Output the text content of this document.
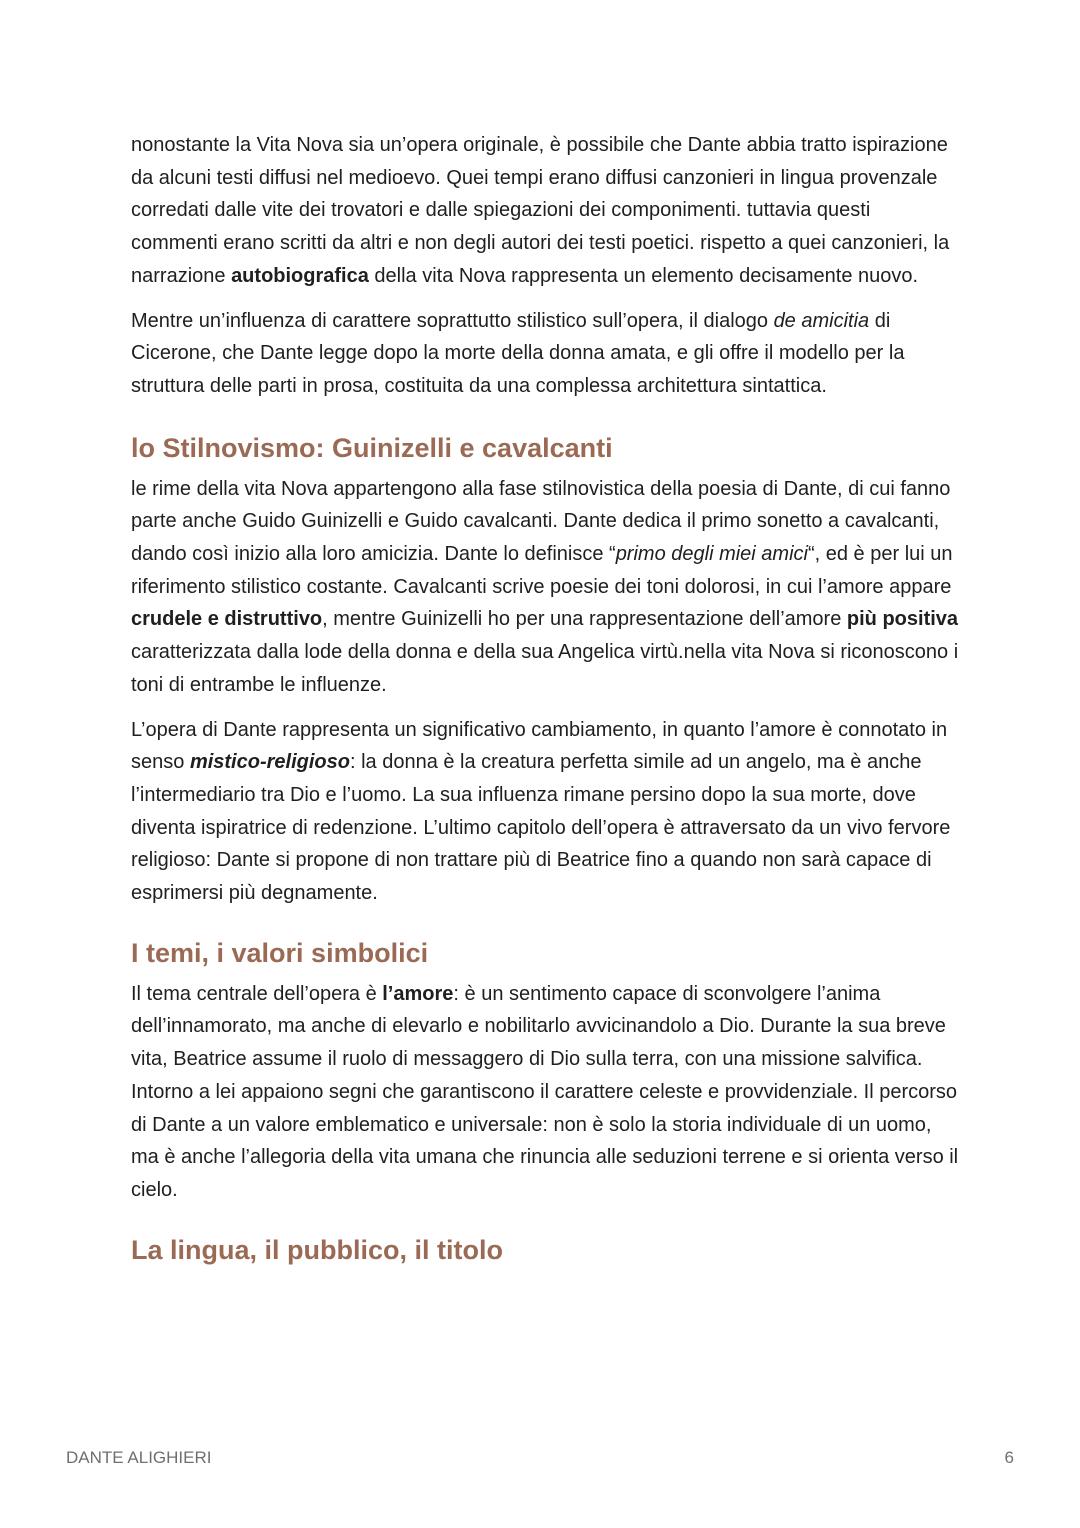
nonostante la Vita Nova sia un’opera originale, è possibile che Dante abbia tratto ispirazione da alcuni testi diffusi nel medioevo. Quei tempi erano diffusi canzonieri in lingua provenzale corredati dalle vite dei trovatori e dalle spiegazioni dei componimenti. tuttavia questi commenti erano scritti da altri e non degli autori dei testi poetici. rispetto a quei canzonieri, la narrazione autobiografica della vita Nova rappresenta un elemento decisamente nuovo.

Mentre un’influenza di carattere soprattutto stilistico sull’opera, il dialogo de amicitia di Cicerone, che Dante legge dopo la morte della donna amata, e gli offre il modello per la struttura delle parti in prosa, costituita da una complessa architettura sintattica.

lo Stilnovismo: Guinizelli e cavalcanti

le rime della vita Nova appartengono alla fase stilnovistica della poesia di Dante, di cui fanno parte anche Guido Guinizelli e Guido cavalcanti. Dante dedica il primo sonetto a cavalcanti, dando così inizio alla loro amicizia. Dante lo definisce “primo degli miei amici“, ed è per lui un riferimento stilistico costante. Cavalcanti scrive poesie dei toni dolorosi, in cui l’amore appare crudele e distruttivo, mentre Guinizelli ho per una rappresentazione dell’amore più positiva caratterizzata dalla lode della donna e della sua Angelica virtù.nella vita Nova si riconoscono i toni di entrambe le influenze.

L’opera di Dante rappresenta un significativo cambiamento, in quanto l’amore è connotato in senso mistico-religioso: la donna è la creatura perfetta simile ad un angelo, ma è anche l’intermediario tra Dio e l’uomo. La sua influenza rimane persino dopo la sua morte, dove diventa ispiratrice di redenzione. L’ultimo capitolo dell’opera è attraversato da un vivo fervore religioso: Dante si propone di non trattare più di Beatrice fino a quando non sarà capace di esprimersi più degnamente.

I temi, i valori simbolici

Il tema centrale dell’opera è l’amore: è un sentimento capace di sconvolgere l’anima dell’innamorato, ma anche di elevarlo e nobilitarlo avvicinandolo a Dio. Durante la sua breve vita, Beatrice assume il ruolo di messaggero di Dio sulla terra, con una missione salvifica. Intorno a lei appaiono segni che garantiscono il carattere celeste e provvidenziale. Il percorso di Dante a un valore emblematico e universale: non è solo la storia individuale di un uomo, ma è anche l’allegoria della vita umana che rinuncia alle seduzioni terrene e si orienta verso il cielo.

La lingua, il pubblico, il titolo
DANTE ALIGHIERI	6
